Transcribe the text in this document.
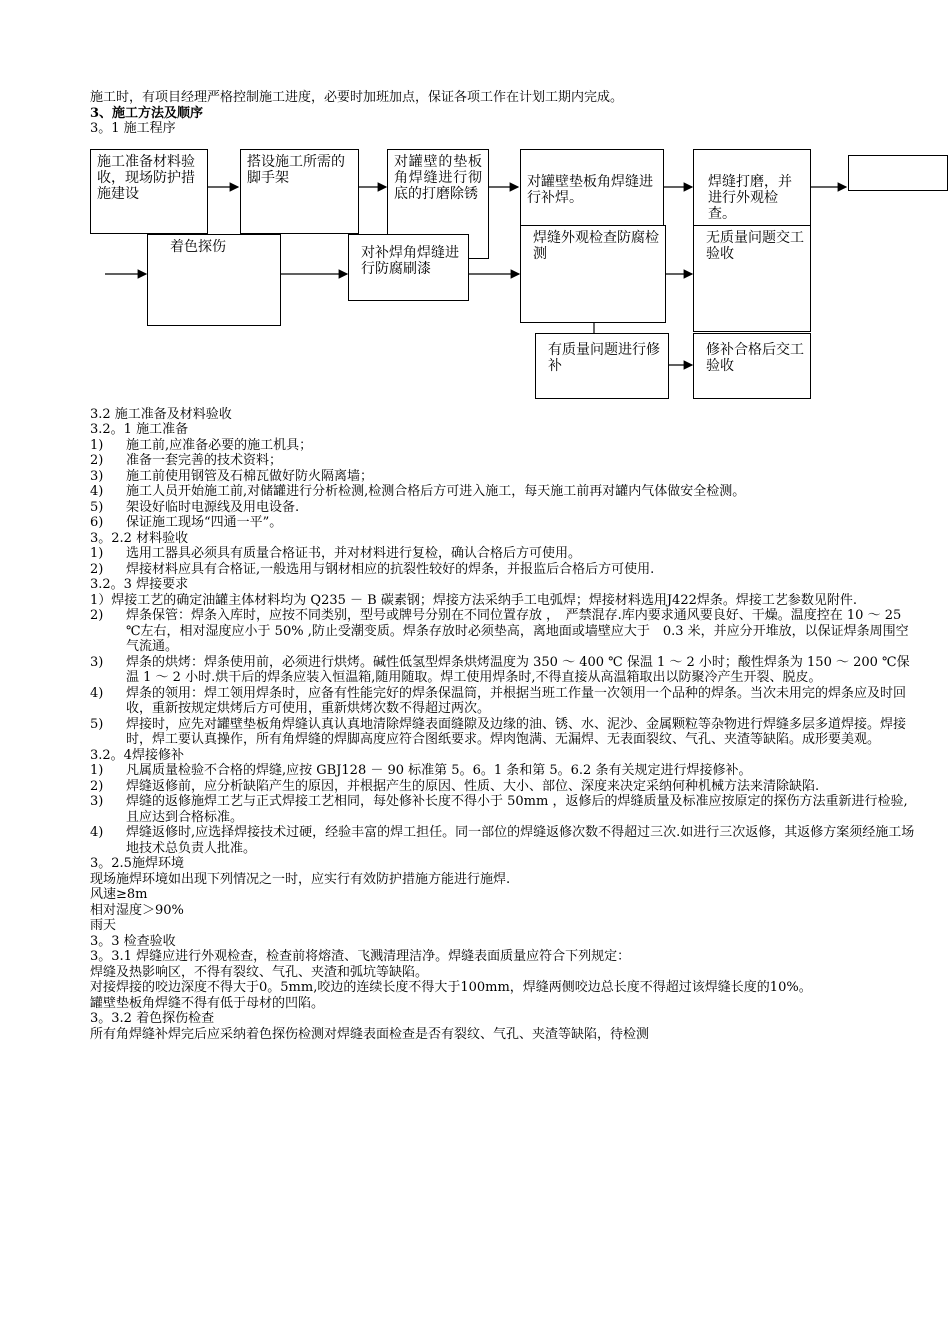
施工时，有项目经理严格控制施工进度，必要时加班加点，保证各项工作在计划工期内完成。
3、施工方法及顺序
3。1 施工程序
施工准备材料验收，现场防护措施建设
搭设施工所需的脚手架
对罐壁的垫板角焊缝进行彻底的打磨除锈
对罐壁垫板角焊缝进行补焊。
焊缝打磨，并进行外观检查。
着色探伤	对补焊角焊缝进行防腐刷漆
焊缝外观检查防腐检测
无质量问题交工验收
有质量问题进行修补
修补合格后交工验收
3.2 施工准备及材料验收
3.2。1 施工准备
1)	施工前,应准备必要的施工机具；
2)	准备一套完善的技术资料；
3)	施工前使用钢管及石棉瓦做好防火隔离墙；
4)	施工人员开始施工前,对储罐进行分析检测,检测合格后方可进入施工，每天施工前再对罐内气体做安全检测。
5)	架设好临时电源线及用电设备.
6)	保证施工现场“四通一平”。
3。2.2 材料验收
1)	选用工器具必须具有质量合格证书，并对材料进行复检，确认合格后方可使用。
2)	焊接材料应具有合格证,一般选用与钢材相应的抗裂性较好的焊条，并报监后合格后方可使用.
3.2。3 焊接要求
1） 焊接工艺的确定油罐主体材料均为 Q235 － B 碳素钢；焊接方法采纳手工电弧焊；焊接材料选用J422焊条。焊接工艺参数见附件.
2)	焊条保管：焊条入库时，应按不同类别，型号或牌号分别在不同位置存放 ，　严禁混存.库内要求通风要良好、干燥。温度控在 10 ～ 25 ℃左右，相对湿度应小于 50% ,防止受潮变质。焊条存放时必须垫高，离地面或墙壁应大于　0.3 米，并应分开堆放，以保证焊条周围空气流通。
3)	焊条的烘烤：焊条使用前，必须进行烘烤。碱性低氢型焊条烘烤温度为 350 ～ 400 ℃ 保温 1 ～ 2 小时；酸性焊条为 150 ～ 200 ℃保温 1 ～ 2 小时.烘干后的焊条应装入恒温箱,随用随取。焊工使用焊条时,不得直接从高温箱取出以防聚冷产生开裂、脱皮。
4)	焊条的领用：焊工领用焊条时，应备有性能完好的焊条保温筒，并根据当班工作量一次领用一个品种的焊条。当次未用完的焊条应及时回收，重新按规定烘烤后方可使用，重新烘烤次数不得超过两次。
5)	焊接时，应先对罐壁垫板角焊缝认真认真地清除焊缝表面缝隙及边缘的油、锈、水、泥沙、金属颗粒等杂物进行焊缝多层多道焊接。焊接时，焊工要认真操作，所有角焊缝的焊脚高度应符合图纸要求。焊肉饱满、无漏焊、无表面裂纹、气孔、夹渣等缺陷。成形要美观。
3.2。4焊接修补
1)	凡属质量检验不合格的焊缝,应按 GBJ128 － 90 标准第 5。6。1 条和第 5。6.2 条有关规定进行焊接修补。
2)	焊缝返修前，应分析缺陷产生的原因，并根据产生的原因、性质、大小、部位、深度来决定采纳何种机械方法来清除缺陷.
3)	焊缝的返修施焊工艺与正式焊接工艺相同，每处修补长度不得小于 50mm ，返修后的焊缝质量及标准应按原定的探伤方法重新进行检验,且应达到合格标准。
4)	焊缝返修时,应选择焊接技术过硬，经验丰富的焊工担任。同一部位的焊缝返修次数不得超过三次.如进行三次返修，其返修方案须经施工场地技术总负责人批准。
3。2.5施焊环境
现场施焊环境如出现下列情况之一时，应实行有效防护措施方能进行施焊.
风速≥8m
相对湿度＞90%
雨天
3。3 检查验收
3。3.1 焊缝应进行外观检查，检查前将熔渣、飞溅清理洁净。焊缝表面质量应符合下列规定：
焊缝及热影响区，不得有裂纹、气孔、夹渣和弧坑等缺陷。
对接焊接的咬边深度不得大于0。5mm,咬边的连续长度不得大于100mm，焊缝两侧咬边总长度不得超过该焊缝长度的10%。
罐壁垫板角焊缝不得有低于母材的凹陷。
3。3.2 着色探伤检查
所有角焊缝补焊完后应采纳着色探伤检测对焊缝表面检查是否有裂纹、气孔、夹渣等缺陷，待检测
